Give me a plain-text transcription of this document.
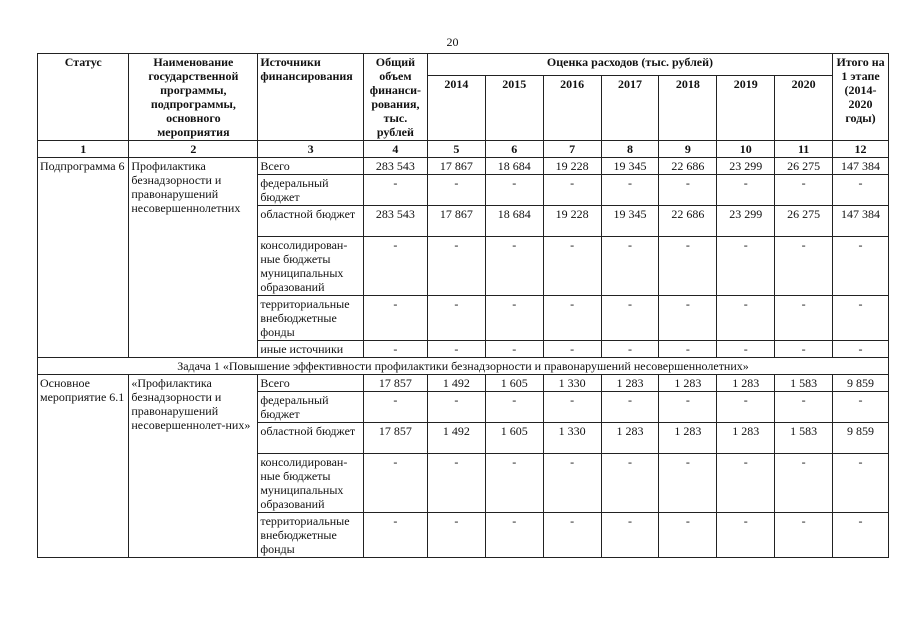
20
Статус	Наименование государственной программы, подпрограммы, основного мероприятия	Источники финансирования	Общий объем финанси-рования, тыс. рублей	Оценка расходов (тыс. рублей)							Итого на 1 этапе (2014-2020 годы)
				2014	2015	2016	2017	2018	2019	2020	
1	2	3	4	5	6	7	8	9	10	11	12
Подпрограмма 6	Профилактика безнадзорности и правонарушений несовершеннолетних	Всего	283 543	17 867	18 684	19 228	19 345	22 686	23 299	26 275	147 384
		федеральный бюджет	-	-	-	-	-	-	-	-	-
		областной бюджет	283 543	17 867	18 684	19 228	19 345	22 686	23 299	26 275	147 384
		консолидирован-ные бюджеты муниципальных образований	-	-	-	-	-	-	-	-	-
		территориальные внебюджетные фонды	-	-	-	-	-	-	-	-	-
		иные источники	-	-	-	-	-	-	-	-	-
Задача 1 «Повышение эффективности профилактики безнадзорности и правонарушений несовершеннолетних»											
Основное мероприятие 6.1	«Профилактика безнадзорности и правонарушений несовершеннолет-них»	Всего	17 857	1 492	1 605	1 330	1 283	1 283	1 283	1 583	9 859
		федеральный бюджет	-	-	-	-	-	-	-	-	-
		областной бюджет	17 857	1 492	1 605	1 330	1 283	1 283	1 283	1 583	9 859
		консолидирован-ные бюджеты муниципальных образований	-	-	-	-	-	-	-	-	-
		территориальные внебюджетные фонды	-	-	-	-	-	-	-	-	-
